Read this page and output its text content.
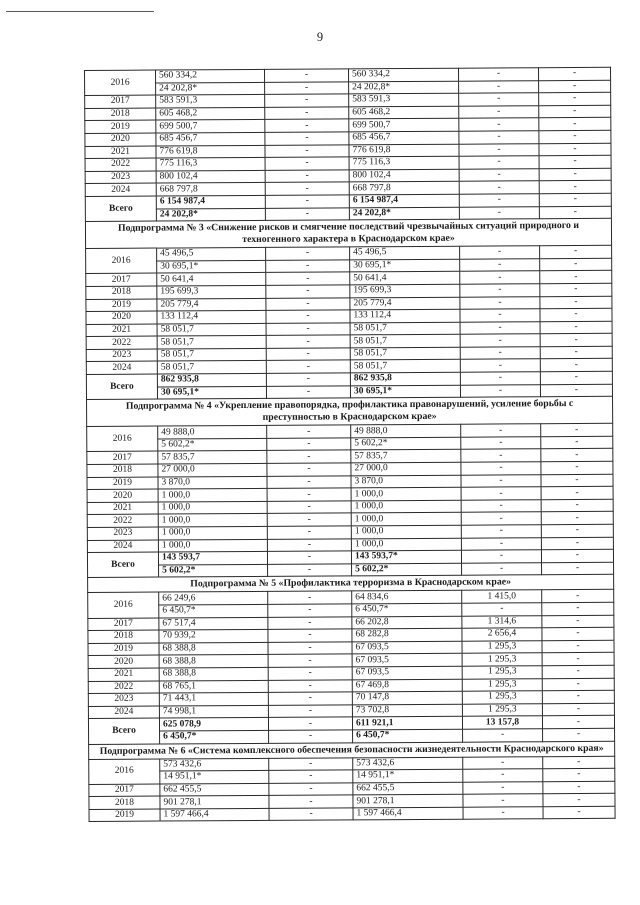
9
2016	560 334,2	-	560 334,2	-	-
	24 202,8*	-	24 202,8*	-	-
2017	583 591,3	-	583 591,3	-	-
2018	605 468,2	-	605 468,2	-	-
2019	699 500,7	-	699 500,7	-	-
2020	685 456,7	-	685 456,7	-	-
2021	776 619,8	-	776 619,8	-	-
2022	775 116,3	-	775 116,3	-	-
2023	800 102,4	-	800 102,4	-	-
2024	668 797,8	-	668 797,8	-	-
Всего	6 154 987,4	-	6 154 987,4	-	-
	24 202,8*	-	24 202,8*	-	-
Подпрограмма № 3 «Снижение рисков и смягчение последствий чрезвычайных ситуаций природного и техногенного характера в Краснодарском крае»					
2016	45 496,5	-	45 496,5	-	-
	30 695,1*	-	30 695,1*	-	-
2017	50 641,4	-	50 641,4	-	-
2018	195 699,3	-	195 699,3	-	-
2019	205 779,4	-	205 779,4	-	-
2020	133 112,4	-	133 112,4	-	-
2021	58 051,7	-	58 051,7	-	-
2022	58 051,7	-	58 051,7	-	-
2023	58 051,7	-	58 051,7	-	-
2024	58 051,7	-	58 051,7	-	-
Всего	862 935,8	-	862 935,8	-	-
	30 695,1*	-	30 695,1*	-	-
Подпрограмма № 4 «Укрепление правопорядка, профилактика правонарушений, усиление борьбы с преступностью в Краснодарском крае»					
2016	49 888,0	-	49 888,0	-	-
	5 602,2*	-	5 602,2*	-	-
2017	57 835,7	-	57 835,7	-	-
2018	27 000,0	-	27 000,0	-	-
2019	3 870,0	-	3 870,0	-	-
2020	1 000,0	-	1 000,0	-	-
2021	1 000,0	-	1 000,0	-	-
2022	1 000,0	-	1 000,0	-	-
2023	1 000,0	-	1 000,0	-	-
2024	1 000,0	-	1 000,0	-	-
Всего	143 593,7	-	143 593,7*	-	-
	5 602,2*	-	5 602,2*	-	-
Подпрограмма № 5 «Профилактика терроризма в Краснодарском крае»					
2016	66 249,6	-	64 834,6	1 415,0	-
	6 450,7*	-	6 450,7*	-	-
2017	67 517,4	-	66 202,8	1 314,6	-
2018	70 939,2	-	68 282,8	2 656,4	-
2019	68 388,8	-	67 093,5	1 295,3	-
2020	68 388,8	-	67 093,5	1 295,3	-
2021	68 388,8	-	67 093,5	1 295,3	-
2022	68 765,1	-	67 469,8	1 295,3	-
2023	71 443,1	-	70 147,8	1 295,3	-
2024	74 998,1	-	73 702,8	1 295,3	-
Всего	625 078,9	-	611 921,1	13 157,8	-
	6 450,7*	-	6 450,7*	-	-
Подпрограмма № 6 «Система комплексного обеспечения безопасности жизнедеятельности Краснодарского края»					
2016	573 432,6	-	573 432,6	-	-
	14 951,1*	-	14 951,1*	-	-
2017	662 455,5	-	662 455,5	-	-
2018	901 278,1	-	901 278,1	-	-
2019	1 597 466,4	-	1 597 466,4	-	-
